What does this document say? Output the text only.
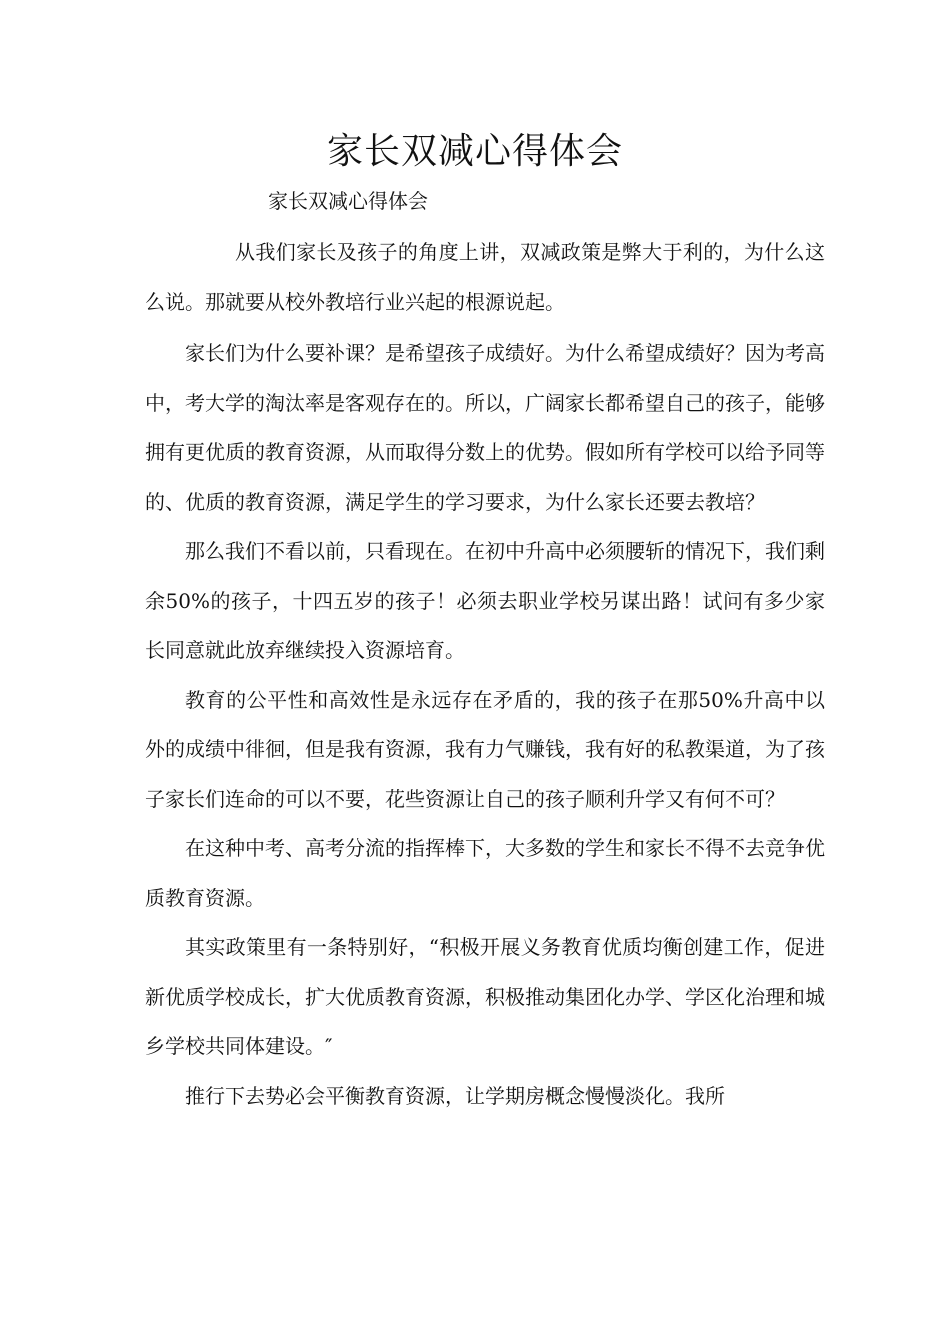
家长双减心得体会

家长双减心得体会

从我们家长及孩子的角度上讲，双减政策是弊大于利的，为什么这么说。那就要从校外教培行业兴起的根源说起。

家长们为什么要补课？是希望孩子成绩好。为什么希望成绩好？因为考高中，考大学的淘汰率是客观存在的。所以，广阔家长都希望自己的孩子，能够拥有更优质的教育资源，从而取得分数上的优势。假如所有学校可以给予同等的、优质的教育资源，满足学生的学习要求，为什么家长还要去教培？

那么我们不看以前，只看现在。在初中升高中必须腰斩的情况下，我们剩余50%的孩子，十四五岁的孩子！必须去职业学校另谋出路！试问有多少家长同意就此放弃继续投入资源培育。

教育的公平性和高效性是永远存在矛盾的，我的孩子在那50%升高中以外的成绩中徘徊，但是我有资源，我有力气赚钱，我有好的私教渠道，为了孩子家长们连命的可以不要，花些资源让自己的孩子顺利升学又有何不可？

在这种中考、高考分流的指挥棒下，大多数的学生和家长不得不去竞争优质教育资源。

其实政策里有一条特别好，“积极开展义务教育优质均衡创建工作，促进新优质学校成长，扩大优质教育资源，积极推动集团化办学、学区化治理和城乡学校共同体建设。″

推行下去势必会平衡教育资源，让学期房概念慢慢淡化。我所
